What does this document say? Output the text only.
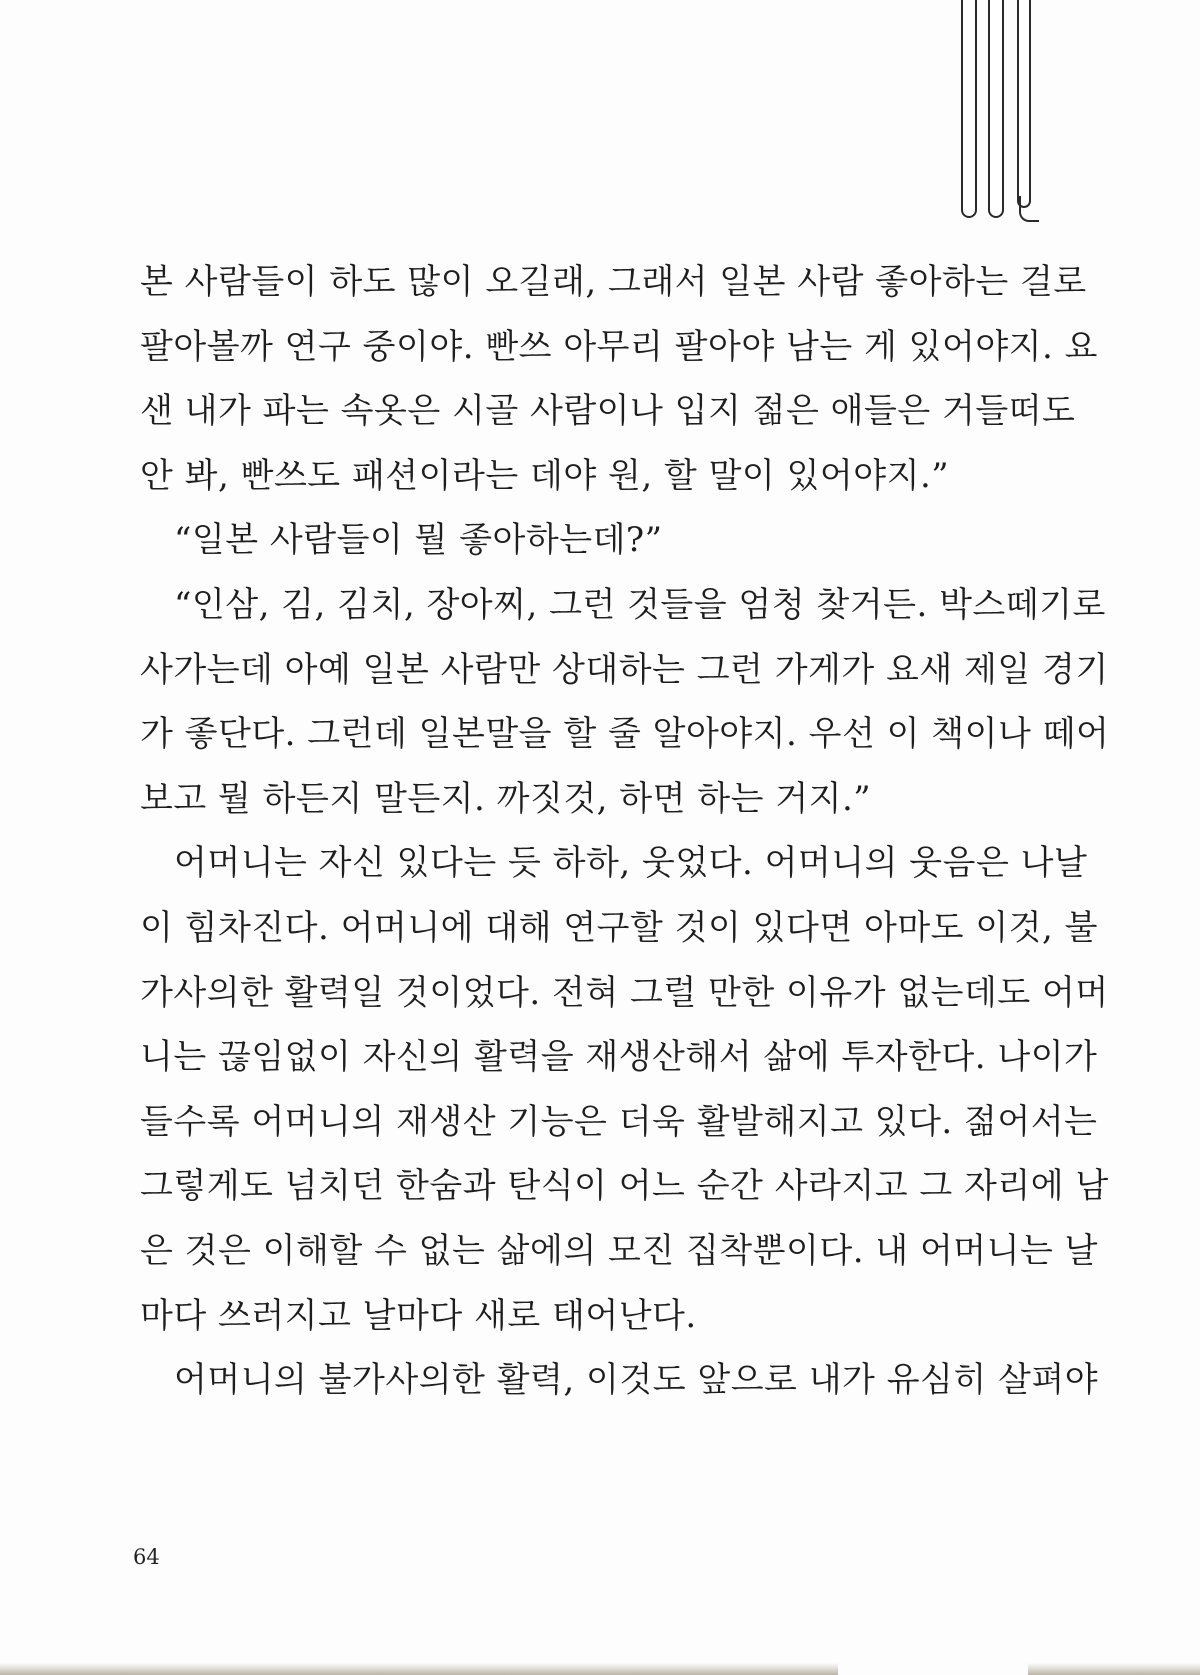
본 사람들이 하도 많이 오길래, 그래서 일본 사람 좋아하는 걸로
팔아볼까 연구 중이야. 빤쓰 아무리 팔아야 남는 게 있어야지. 요
샌 내가 파는 속옷은 시골 사람이나 입지 젊은 애들은 거들떠도
안 봐, 빤쓰도 패션이라는 데야 원, 할 말이 있어야지.”
“일본 사람들이 뭘 좋아하는데?”
“인삼, 김, 김치, 장아찌, 그런 것들을 엄청 찾거든. 박스떼기로
사가는데 아예 일본 사람만 상대하는 그런 가게가 요새 제일 경기
가 좋단다. 그런데 일본말을 할 줄 알아야지. 우선 이 책이나 떼어
보고 뭘 하든지 말든지. 까짓것, 하면 하는 거지.”
어머니는 자신 있다는 듯 하하, 웃었다. 어머니의 웃음은 나날
이 힘차진다. 어머니에 대해 연구할 것이 있다면 아마도 이것, 불
가사의한 활력일 것이었다. 전혀 그럴 만한 이유가 없는데도 어머
니는 끊임없이 자신의 활력을 재생산해서 삶에 투자한다. 나이가
들수록 어머니의 재생산 기능은 더욱 활발해지고 있다. 젊어서는
그렇게도 넘치던 한숨과 탄식이 어느 순간 사라지고 그 자리에 남
은 것은 이해할 수 없는 삶에의 모진 집착뿐이다. 내 어머니는 날
마다 쓰러지고 날마다 새로 태어난다.
어머니의 불가사의한 활력, 이것도 앞으로 내가 유심히 살펴야
64
